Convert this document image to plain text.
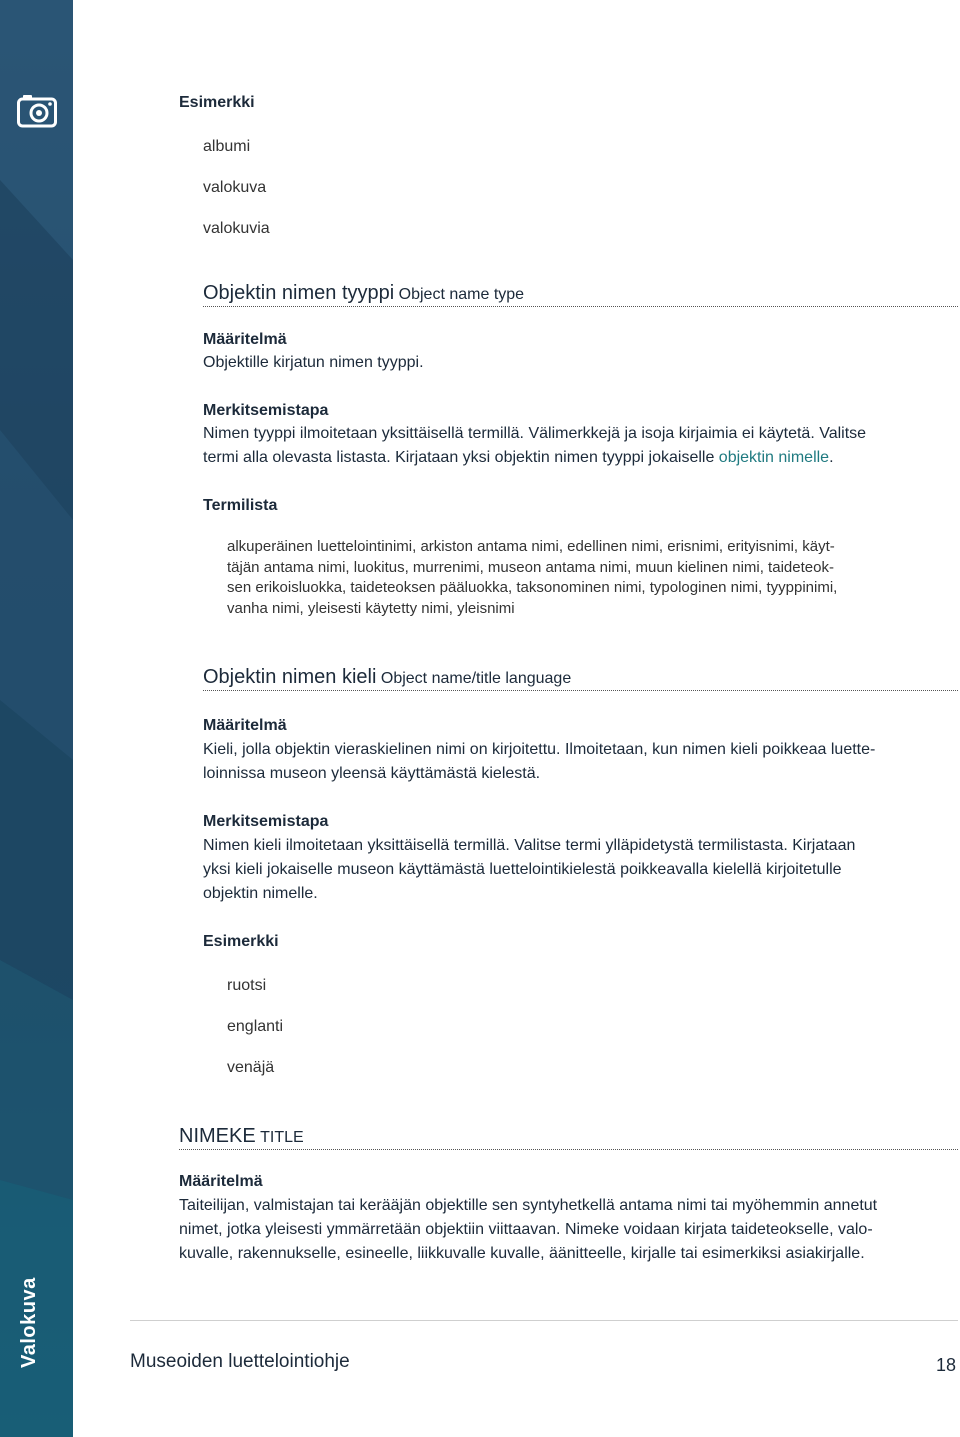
Valokuva
Esimerkki
albumi
valokuva
valokuvia
Objektin nimen tyyppi Object name type
Määritelmä
Objektille kirjatun nimen tyyppi.
Merkitsemistapa
Nimen tyyppi ilmoitetaan yksittäisellä termillä. Välimerkkejä ja isoja kirjaimia ei käytetä. Valitse
termi alla olevasta listasta. Kirjataan yksi objektin nimen tyyppi jokaiselle objektin nimelle.
Termilista
alkuperäinen luettelointinimi, arkiston antama nimi, edellinen nimi, erisnimi, erityisnimi, käyt-
täjän antama nimi, luokitus, murrenimi, museon antama nimi, muun kielinen nimi, taideteok-
sen erikoisluokka, taideteoksen pääluokka, taksonominen nimi, typologinen nimi, tyyppinimi,
vanha nimi, yleisesti käytetty nimi, yleisnimi
Objektin nimen kieli Object name/title language
Määritelmä
Kieli, jolla objektin vieraskielinen nimi on kirjoitettu. Ilmoitetaan, kun nimen kieli poikkeaa luette-
loinnissa museon yleensä käyttämästä kielestä.
Merkitsemistapa
Nimen kieli ilmoitetaan yksittäisellä termillä. Valitse termi ylläpidetystä termilistasta. Kirjataan
yksi kieli jokaiselle museon käyttämästä luettelointikielestä poikkeavalla kielellä kirjoitetulle
objektin nimelle.
Esimerkki
ruotsi
englanti
venäjä
NIMEKE TITLE
Määritelmä
Taiteilijan, valmistajan tai kerääjän objektille sen syntyhetkellä antama nimi tai myöhemmin annetut
nimet, jotka yleisesti ymmärretään objektiin viittaavan. Nimeke voidaan kirjata taideteokselle, valo-
kuvalle, rakennukselle, esineelle, liikkuvalle kuvalle, äänitteelle, kirjalle tai esimerkiksi asiakirjalle.
Museoiden luettelointiohje	18
